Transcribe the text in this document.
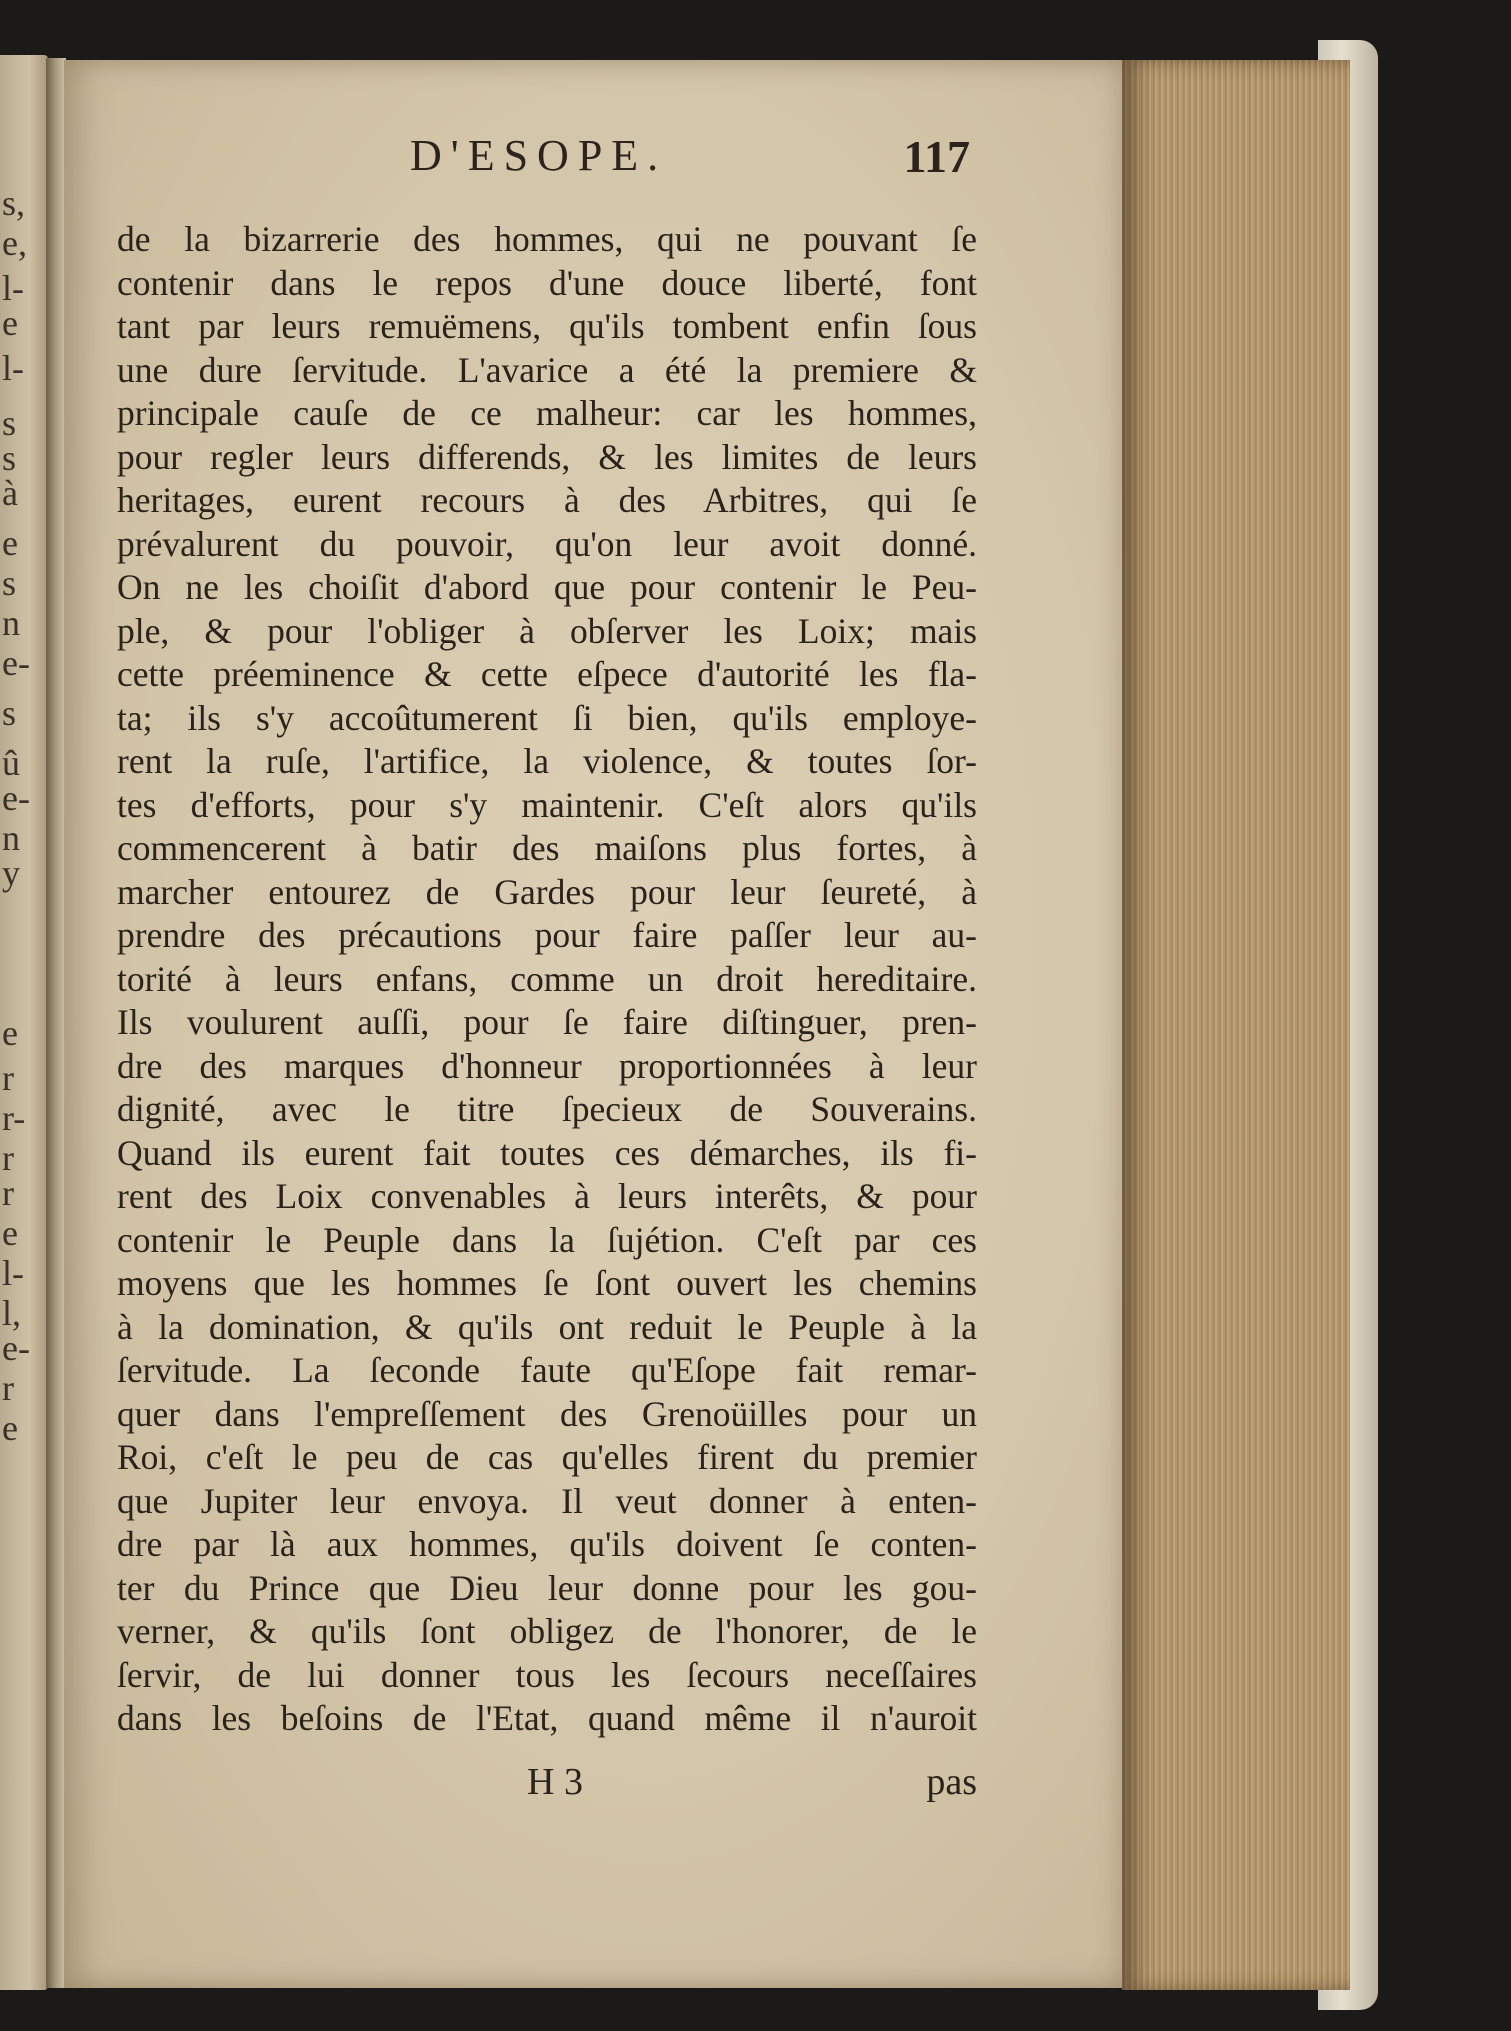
s,
e,
l-
e
l-
s
s
à
e
s
n
e-
s
û
e-
n
y
e
r
r-
r
r
e
l-
l,
e-
r
e
D'ESOPE.	117
de la bizarrerie des hommes, qui ne pouvant ſe
contenir dans le repos d'une douce liberté, font
tant par leurs remuëmens, qu'ils tombent enfin ſous
une dure ſervitude. L'avarice a été la premiere &
principale cauſe de ce malheur: car les hommes,
pour regler leurs differends, & les limites de leurs
heritages, eurent recours à des Arbitres, qui ſe
prévalurent du pouvoir, qu'on leur avoit donné.
On ne les choiſit d'abord que pour contenir le Peu-
ple, & pour l'obliger à obſerver les Loix; mais
cette préeminence & cette eſpece d'autorité les fla-
ta; ils s'y accoûtumerent ſi bien, qu'ils employe-
rent la ruſe, l'artifice, la violence, & toutes ſor-
tes d'efforts, pour s'y maintenir. C'eſt alors qu'ils
commencerent à batir des maiſons plus fortes, à
marcher entourez de Gardes pour leur ſeureté, à
prendre des précautions pour faire paſſer leur au-
torité à leurs enfans, comme un droit hereditaire.
Ils voulurent auſſi, pour ſe faire diſtinguer, pren-
dre des marques d'honneur proportionnées à leur
dignité, avec le titre ſpecieux de Souverains.
Quand ils eurent fait toutes ces démarches, ils fi-
rent des Loix convenables à leurs interêts, & pour
contenir le Peuple dans la ſujétion. C'eſt par ces
moyens que les hommes ſe ſont ouvert les chemins
à la domination, & qu'ils ont reduit le Peuple à la
ſervitude. La ſeconde faute qu'Eſope fait remar-
quer dans l'empreſſement des Grenoüilles pour un
Roi, c'eſt le peu de cas qu'elles firent du premier
que Jupiter leur envoya. Il veut donner à enten-
dre par là aux hommes, qu'ils doivent ſe conten-
ter du Prince que Dieu leur donne pour les gou-
verner, & qu'ils ſont obligez de l'honorer, de le
ſervir, de lui donner tous les ſecours neceſſaires
dans les beſoins de l'Etat, quand même il n'auroit
H 3	pas
